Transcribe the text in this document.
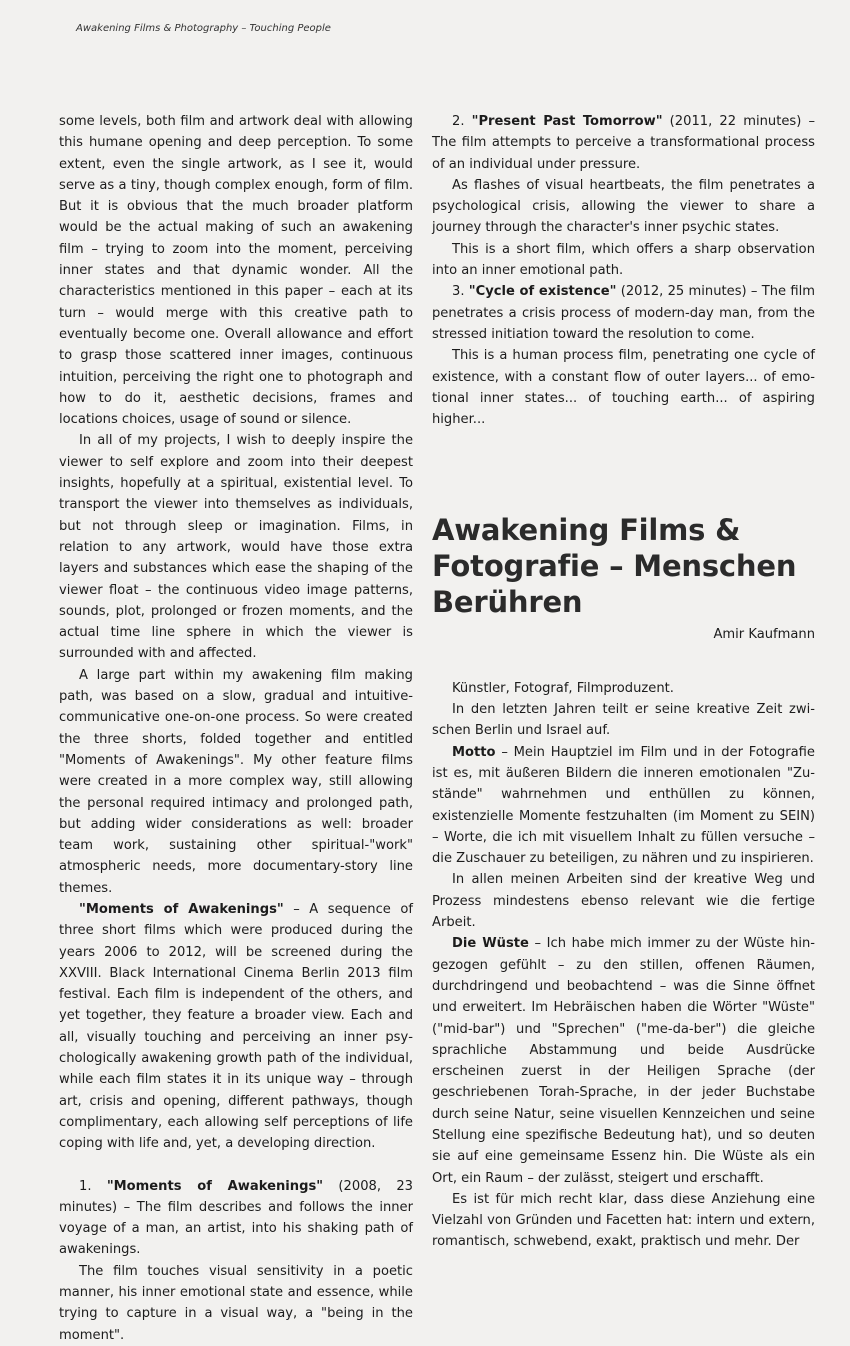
Awakening Films & Photography – Touching People

some levels, both film and artwork deal with allowing this humane opening and deep perception. To some extent, even the single artwork, as I see it, would serve as a tiny, though complex enough, form of film. But it is obvious that the much broader platform would be the actual making of such an awakening film – trying to zoom into the moment, perceiving inner states and that dynamic wonder. All the characteristics mentioned in this paper – each at its turn – would merge with this creative path to eventually become one. Overall allowance and effort to grasp those scattered inner images, continuous intuition, perceiving the right one to photograph and how to do it, aesthetic decisions, frames and locations choices, usage of sound or silence.

In all of my projects, I wish to deeply inspire the viewer to self explore and zoom into their deepest insights, hopefully at a spiritual, existential level. To transport the viewer into themselves as individuals, but not through sleep or imagination. Films, in relation to any artwork, would have those extra layers and substances which ease the shaping of the viewer float – the continuous video image patterns, sounds, plot, prolonged or frozen moments, and the actual time line sphere in which the viewer is surrounded with and affected.

A large part within my awakening film making path, was based on a slow, gradual and intuitive-communicative one-on-one process. So were created the three shorts, folded together and entitled "Moments of Awakenings". My other feature films were created in a more complex way, still allowing the personal required intimacy and prolonged path, but adding wider considerations as well: broader team work, sustaining other spiritual-"work" atmospheric needs, more documentary-story line themes.

"Moments of Awakenings" – A sequence of three short films which were produced during the years 2006 to 2012, will be screened during the XXVIII. Black International Cinema Berlin 2013 film festival. Each film is independent of the others, and yet together, they feature a broader view. Each and all, visually touching and perceiving an inner psychologically awakening growth path of the individual, while each film states it in its unique way – through art, crisis and opening, different pathways, though complimentary, each allowing self perceptions of life coping with life and, yet, a developing direction.

1. "Moments of Awakenings" (2008, 23 minutes) – The film describes and follows the inner voyage of a man, an artist, into his shaking path of awakenings.

The film touches visual sensitivity in a poetic manner, his inner emotional state and essence, while trying to capture in a visual way, a "being in the moment".

2. "Present Past Tomorrow" (2011, 22 minutes) – The film attempts to perceive a transformational process of an individual under pressure.

As flashes of visual heartbeats, the film penetrates a psychological crisis, allowing the viewer to share a journey through the character's inner psychic states.

This is a short film, which offers a sharp observation into an inner emotional path.

3. "Cycle of existence" (2012, 25 minutes) – The film penetrates a crisis process of modern-day man, from the stressed initiation toward the resolution to come.

This is a human process film, penetrating one cycle of existence, with a constant flow of outer layers... of emotional inner states... of touching earth... of aspiring higher...

Awakening Films & Fotografie – Menschen Berühren
Amir Kaufmann

Künstler, Fotograf, Filmproduzent.

In den letzten Jahren teilt er seine kreative Zeit zwischen Berlin und Israel auf.

Motto – Mein Hauptziel im Film und in der Fotografie ist es, mit äußeren Bildern die inneren emotionalen "Zustände" wahrnehmen und enthüllen zu können, existenzielle Momente festzuhalten (im Moment zu SEIN) – Worte, die ich mit visuellem Inhalt zu füllen versuche – die Zuschauer zu beteiligen, zu nähren und zu inspirieren.

In allen meinen Arbeiten sind der kreative Weg und Prozess mindestens ebenso relevant wie die fertige Arbeit.

Die Wüste – Ich habe mich immer zu der Wüste hingezogen gefühlt – zu den stillen, offenen Räumen, durchdringend und beobachtend – was die Sinne öffnet und erweitert. Im Hebräischen haben die Wörter "Wüste" ("mid-bar") und "Sprechen" ("me-da-ber") die gleiche sprachliche Abstammung und beide Ausdrücke erscheinen zuerst in der Heiligen Sprache (der geschriebenen Torah-Sprache, in der jeder Buchstabe durch seine Natur, seine visuellen Kennzeichen und seine Stellung eine spezifische Bedeutung hat), und so deuten sie auf eine gemeinsame Essenz hin. Die Wüste als ein Ort, ein Raum – der zulässt, steigert und erschafft.

Es ist für mich recht klar, dass diese Anziehung eine Vielzahl von Gründen und Facetten hat: intern und extern, romantisch, schwebend, exakt, praktisch und mehr. Der
